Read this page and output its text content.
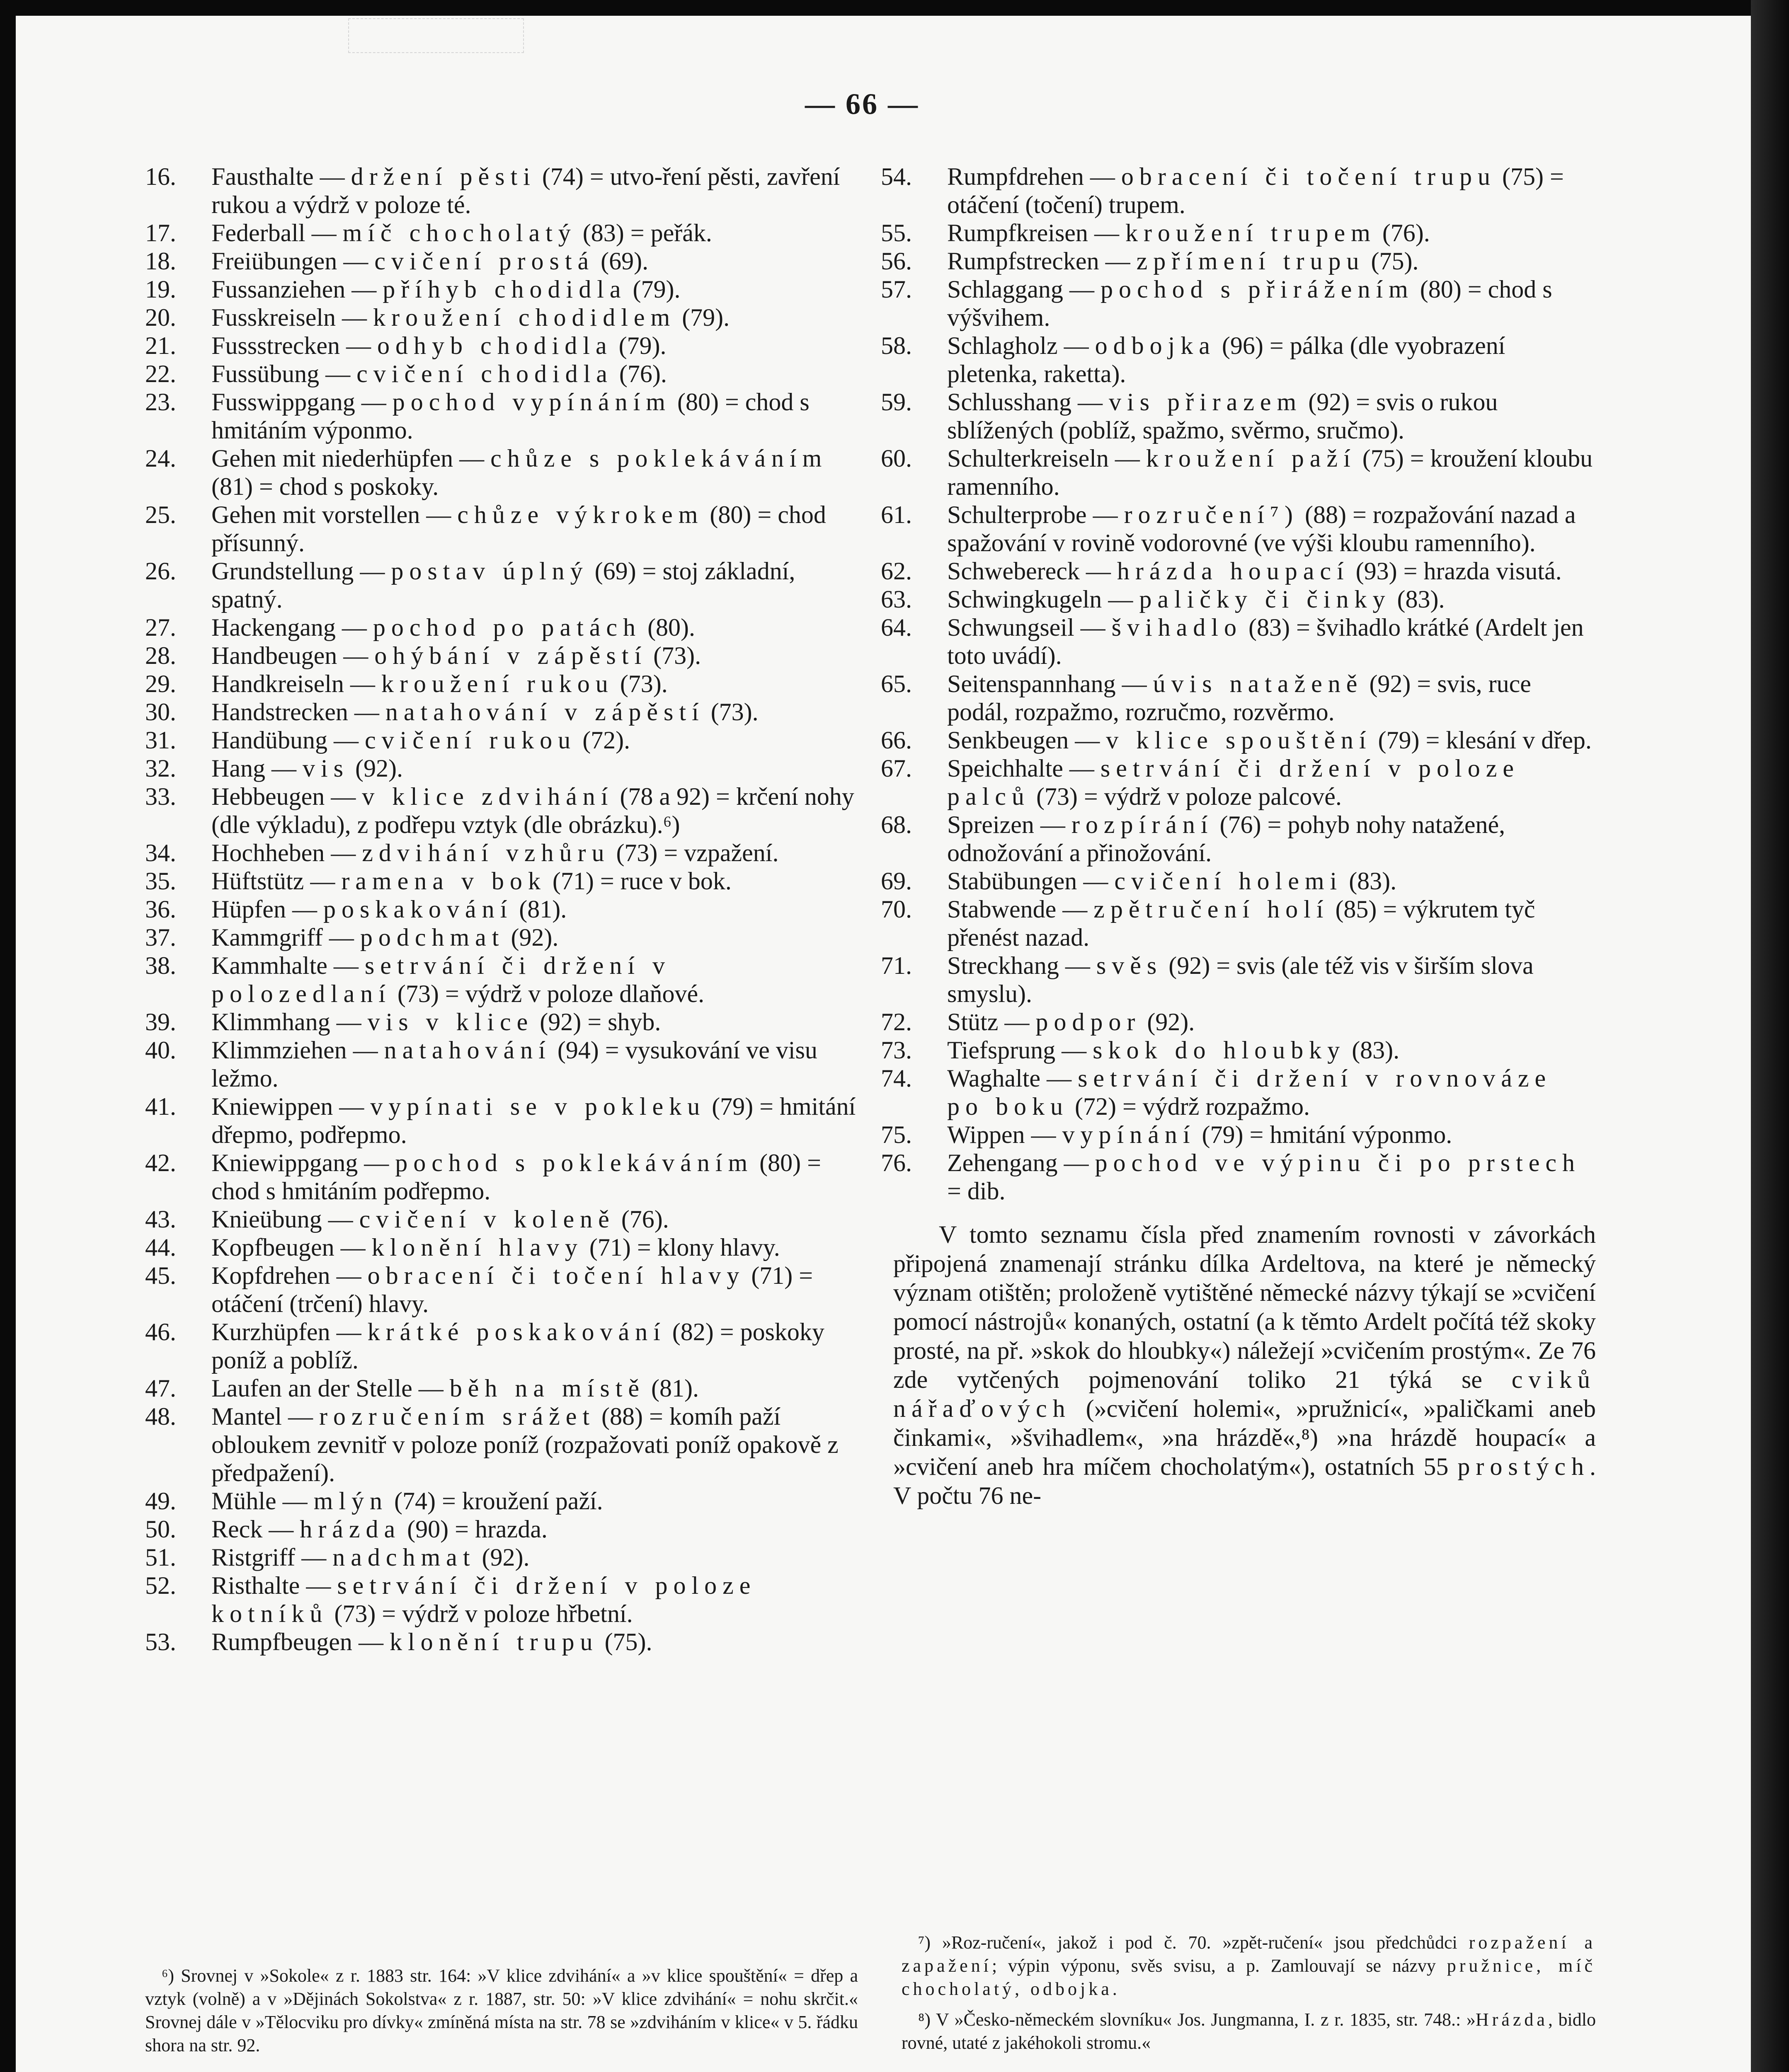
— 66 —
16.	Fausthalte — držení pěsti (74) = utvo-ření pěsti, zavření rukou a výdrž v poloze té.
17.	Federball — míč chocholatý (83) = peřák.
18.	Freiübungen — cvičení prostá (69).
19.	Fussanziehen — příhyb chodidla (79).
20.	Fusskreiseln — kroužení chodidlem (79).
21.	Fussstrecken — odhyb chodidla (79).
22.	Fussübung — cvičení chodidla (76).
23.	Fusswippgang — pochod vypínáním (80) = chod s hmitáním výponmo.
24.	Gehen mit niederhüpfen — chůze s poklekáváním (81) = chod s poskoky.
25.	Gehen mit vorstellen — chůze výkrokem (80) = chod přísunný.
26.	Grundstellung — postav úplný (69) = stoj základní, spatný.
27.	Hackengang — pochod po patách (80).
28.	Handbeugen — ohýbání v zápěstí (73).
29.	Handkreiseln — kroužení rukou (73).
30.	Handstrecken — natahování v zápěstí (73).
31.	Handübung — cvičení rukou (72).
32.	Hang — vis (92).
33.	Hebbeugen — v klice zdvihání (78 a 92) = krčení nohy (dle výkladu), z podřepu vztyk (dle obrázku).⁶)
34.	Hochheben — zdvihání vzhůru (73) = vzpažení.
35.	Hüftstütz — ramena v bok (71) = ruce v bok.
36.	Hüpfen — poskakování (81).
37.	Kammgriff — podchmat (92).
38.	Kammhalte — setrvání či držení v polozedlaní (73) = výdrž v poloze dlaňové.
39.	Klimmhang — vis v klice (92) = shyb.
40.	Klimmziehen — natahování (94) = vysukování ve visu ležmo.
41.	Kniewippen — vypínati se v pokleku (79) = hmitání dřepmo, podřepmo.
42.	Kniewippgang — pochod s poklekáváním (80) = chod s hmitáním podřepmo.
43.	Knieübung — cvičení v koleně (76).
44.	Kopfbeugen — klonění hlavy (71) = klony hlavy.
45.	Kopfdrehen — obracení či točení hlavy (71) = otáčení (trčení) hlavy.
46.	Kurzhüpfen — krátké poskakování (82) = poskoky poníž a poblíž.
47.	Laufen an der Stelle — běh na místě (81).
48.	Mantel — rozručením srážet (88) = komíh paží obloukem zevnitř v poloze poníž (rozpažovati poníž opakově z předpažení).
49.	Mühle — mlýn (74) = kroužení paží.
50.	Reck — hrázda (90) = hrazda.
51.	Ristgriff — nadchmat (92).
52.	Risthalte — setrvání či držení v poloze kotníků (73) = výdrž v poloze hřbetní.
53.	Rumpfbeugen — klonění trupu (75).
54.	Rumpfdrehen — obracení či točení trupu (75) = otáčení (točení) trupem.
55.	Rumpfkreisen — kroužení trupem (76).
56.	Rumpfstrecken — zpřímení trupu (75).
57.	Schlaggang — pochod s přirážením (80) = chod s výšvihem.
58.	Schlagholz — odbojka (96) = pálka (dle vyobrazení pletenka, raketta).
59.	Schlusshang — vis přirazem (92) = svis o rukou sblížených (poblíž, spažmo, svěrmo, sručmo).
60.	Schulterkreiseln — kroužení paží (75) = kroužení kloubu ramenního.
61.	Schulterprobe — rozručení⁷) (88) = rozpažování nazad a spažování v rovině vodorovné (ve výši kloubu ramenního).
62.	Schwebereck — hrázda houpací (93) = hrazda visutá.
63.	Schwingkugeln — paličky či činky (83).
64.	Schwungseil — švihadlo (83) = švihadlo krátké (Ardelt jen toto uvádí).
65.	Seitenspannhang — úvis nataženě (92) = svis, ruce podál, rozpažmo, rozručmo, rozvěrmo.
66.	Senkbeugen — v klice spouštění (79) = klesání v dřep.
67.	Speichhalte — setrvání či držení v poloze palců (73) = výdrž v poloze palcové.
68.	Spreizen — rozpírání (76) = pohyb nohy natažené, odnožování a přinožování.
69.	Stabübungen — cvičení holemi (83).
70.	Stabwende — zpětručení holí (85) = výkrutem tyč přenést nazad.
71.	Streckhang — svěs (92) = svis (ale též vis v širším slova smyslu).
72.	Stütz — podpor (92).
73.	Tiefsprung — skok do hloubky (83).
74.	Waghalte — setrvání či držení v rovnováze po boku (72) = výdrž rozpažmo.
75.	Wippen — vypínání (79) = hmitání výponmo.
76.	Zehengang — pochod ve výpinu či po prstech = dib.
V tomto seznamu čísla před znamením rovnosti v závorkách připojená znamenají stránku dílka Ardeltova, na které je německý význam otištěn; proloženě vytištěné německé názvy týkají se »cvičení pomocí nástrojů« konaných, ostatní (a k těmto Ardelt počítá též skoky prosté, na př. »skok do hloubky«) náležejí »cvičením prostým«. Ze 76 zde vytčených pojmenování toliko 21 týká se cviků nářaďových (»cvičení holemi«, »pružnicí«, »paličkami aneb činkami«, »švihadlem«, »na hrázdě«,⁸) »na hrázdě houpací« a »cvičení aneb hra míčem chocholatým«), ostatních 55 prostých. V počtu 76 ne-
⁶) Srovnej v »Sokole« z r. 1883 str. 164: »V klice zdvihání« a »v klice spouštění« = dřep a vztyk (volně) a v »Dějinách Sokolstva« z r. 1887, str. 50: »V klice zdvihání« = nohu skrčit.« Srovnej dále v »Tělocviku pro dívky« zmíněná místa na str. 78 se »zdviháním v klice« v 5. řádku shora na str. 92.
⁷) »Roz-ručení«, jakož i pod č. 70. »zpět-ručení« jsou předchůdci rozpažení a zapažení; výpin výponu, svěs svisu, a p. Zamlouvají se názvy pružnice, míč chocholatý, odbojka.
⁸) V »Česko-německém slovníku« Jos. Jungmanna, I. z r. 1835, str. 748.: »Hrázda, bidlo rovné, utaté z jakéhokoli stromu.«
